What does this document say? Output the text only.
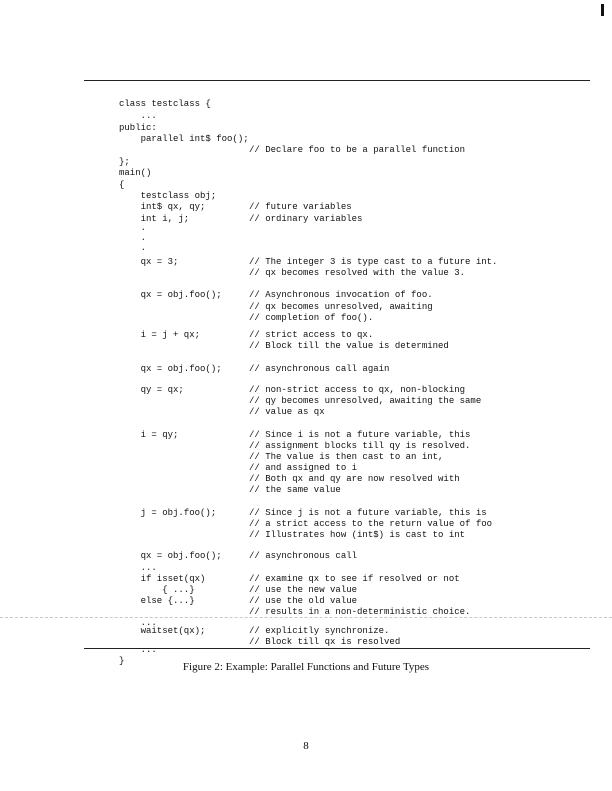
class testclass {
...
public:
parallel int$ foo();
// Declare foo to be a parallel function
};
main()
{
testclass obj;
int$ qx, qy;	// future variables
int i, j;	// ordinary variables
.
.
.
qx = 3;	// The integer 3 is type cast to a future int.
// qx becomes resolved with the value 3.
qx = obj.foo();	// Asynchronous invocation of foo.
// qx becomes unresolved, awaiting
// completion of foo().
i = j + qx;	// strict access to qx.
// Block till the value is determined
qx = obj.foo();	// asynchronous call again
qy = qx;	// non-strict access to qx, non-blocking
// qy becomes unresolved, awaiting the same
// value as qx
i = qy;	// Since i is not a future variable, this
// assignment blocks till qy is resolved.
// The value is then cast to an int,
// and assigned to i
// Both qx and qy are now resolved with
// the same value
j = obj.foo();	// Since j is not a future variable, this is
// a strict access to the return value of foo
// Illustrates how (int$) is cast to int
qx = obj.foo();	// asynchronous call
...
if isset(qx)	// examine qx to see if resolved or not
{ ...}	// use the new value
else {...}	// use the old value
// results in a non-deterministic choice.
...
waitset(qx);	// explicitly synchronize.
// Block till qx is resolved
...
}	Figure 2: Example: Parallel Functions and Future Types
8
